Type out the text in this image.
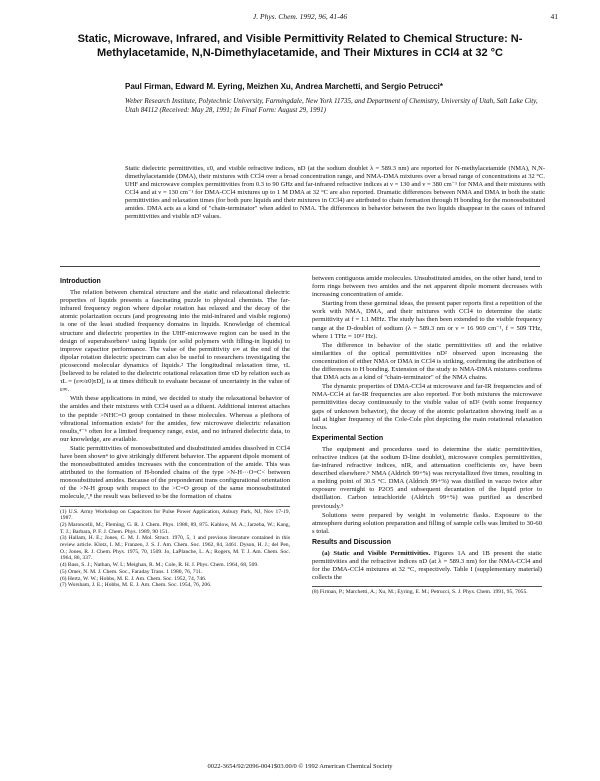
J. Phys. Chem. 1992, 96, 41-46	41
Static, Microwave, Infrared, and Visible Permittivity Related to Chemical Structure: N-Methylacetamide, N,N-Dimethylacetamide, and Their Mixtures in CCl4 at 32 °C
Paul Firman, Edward M. Eyring, Meizhen Xu, Andrea Marchetti, and Sergio Petrucci*
Weber Research Institute, Polytechnic University, Farmingdale, New York 11735, and Department of Chemistry, University of Utah, Salt Lake City, Utah 84112 (Received: May 28, 1991; In Final Form: August 29, 1991)
Static dielectric permittivities, ε0, and visible refractive indices, nD (at the sodium doublet λ = 589.3 nm) are reported for N-methylacetamide (NMA), N,N-dimethylacetamide (DMA), their mixtures with CCl4 over a broad concentration range, and NMA-DMA mixtures over a broad range of concentrations at 32 °C. UHF and microwave complex permittivities from 0.3 to 90 GHz and far-infrared refractive indices at ν = 130 and ν = 380 cm⁻¹ for NMA and their mixtures with CCl4 and at ν = 130 cm⁻¹ for DMA-CCl4 mixtures up to 1 M DMA at 32 °C are also reported. Dramatic differences between NMA and DMA in both the static permittivities and relaxation times (for both pure liquids and their mixtures in CCl4) are attributed to chain formation through H bonding for the monosubstituted amides. DMA acts as a kind of "chain-terminator" when added to NMA. The differences in behavior between the two liquids disappear in the cases of infrared permittivities and visible nD² values.
Introduction

The relation between chemical structure and the static and relaxational dielectric properties of liquids presents a fascinating puzzle to physical chemists. The far-infrared frequency region where dipolar rotation has relaxed and the decay of the atomic polarization occurs (and progressing into the mid-infrared and visible regions) is one of the least studied frequency domains in liquids. Knowledge of chemical structure and dielectric properties in the UHF-microwave region can be used in the design of superabsorbers¹ using liquids (or solid polymers with filling-in liquids) to improve capacitor performance. The value of the permittivity ε∞ at the end of the dipolar rotation dielectric spectrum can also be useful to researchers investigating the picosecond molecular dynamics of liquids.² The longitudinal relaxation time, τL [believed to be related to the dielectric rotational relaxation time τD by relation such as τL = (ε∞/ε0)τD], is at times difficult to evaluate because of uncertainty in the value of ε∞.

With these applications in mind, we decided to study the relaxational behavior of the amides and their mixtures with CCl4 used as a diluent. Additional interest attaches to the peptide >NHC=O group contained in these molecules. Whereas a plethora of vibrational information exists³ for the amides, few microwave dielectric relaxation results,⁴⁻⁶ often for a limited frequency range, exist, and no infrared dielectric data, to our knowledge, are available.

Static permittivities of monosubstituted and disubstituted amides dissolved in CCl4 have been shown⁴ to give strikingly different behavior. The apparent dipole moment of the monosubstituted amides increases with the concentration of the amide. This was attributed to the formation of H-bonded chains of the type >N-H···O=C< between monosubstituted amides. Because of the preponderant trans configurational orientation of the >N-H group with respect to the >C=O group of the same monosubstituted molecule,⁷,⁸ the result was believed to be the formation of chains

(1) U.S. Army Workshop on Capacitors for Pulse Power Application, Asbury Park, NJ, Nov 17-19, 1987.
(2) Maroncelli, M.; Fleming, G. R. J. Chem. Phys. 1988, 89, 875. Kahlow, M. A.; Jarzeba, W.; Kang, T. J.; Barbara, P. F. J. Chem. Phys. 1989, 90 151.
(3) Hallam, H. E.; Jones, C. M. J. Mol. Struct. 1970, 5, 1 and previous literature contained in this review article. Klotz, I. M.; Franzen, J. S. J. Am. Chem. Soc. 1962, 84, 3461. Dyson, H. J.; del Pen, O.; Jones, R. J. Chem. Phys. 1975, 70, 1509. Jo, LaPlanche, L. A.; Rogers, M. T. J. Am. Chem. Soc. 1964, 86, 337.
(4) Bass, S. J.; Nathan, W. I.; Meighan, R. M.; Cole, R. H. J. Phys. Chem. 1964, 68, 509.
(5) Omer, N. M. J. Chem. Soc., Faraday Trans. 1 1980, 76, 711.
(6) Hertz, W. W.; Hobbs, M. E. J. Am. Chem. Soc. 1952, 74, 746.
(7) Worsham, J. E.; Hobbs, M. E. J. Am. Chem. Soc. 1954, 76, 206.

between contiguous amide molecules. Unsubstituted amides, on the other hand, tend to form rings between two amides and the net apparent dipole moment decreases with increasing concentration of amide.

Starting from these germinal ideas, the present paper reports first a repetition of the work with NMA, DMA, and their mixtures with CCl4 to determine the static permittivity at f = 1.1 MHz. The study has then been extended to the visible frequency range at the D-doublet of sodium (λ = 589.3 nm or ν = 16 969 cm⁻¹, f = 509 THz, where 1 THz = 10¹² Hz).

The difference in behavior of the static permittivities ε0 and the relative similarities of the optical permittivities nD² observed upon increasing the concentration of either NMA or DMA in CCl4 is striking, confirming the attribution of the differences to H bonding. Extension of the study to NMA-DMA mixtures confirms that DMA acts as a kind of "chain-terminator" of the NMA chains.

The dynamic properties of DMA-CCl4 at microwave and far-IR frequencies and of NMA-CCl4 at far-IR frequencies are also reported. For both mixtures the microwave permittivities decay continuously to the visible value of nD² (with some frequency gaps of unknown behavior), the decay of the atomic polarization showing itself as a tail at higher frequency of the Cole-Cole plot depicting the main rotational relaxation locus.

Experimental Section

The equipment and procedures used to determine the static permittivities, refractive indices (at the sodium D-line doublet), microwave complex permittivities, far-infrared refractive indices, nIR, and attenuation coefficients αν, have been described elsewhere.⁹ NMA (Aldrich 99+%) was recrystallized five times, resulting in a melting point of 30.5 °C. DMA (Aldrich 99+%) was distilled in vacuo twice after exposure overnight to P2O5 and subsequent decantation of the liquid prior to distillation. Carbon tetrachloride (Aldrich 99+%) was purified as described previously.⁹

Solutions were prepared by weight in volumetric flasks. Exposure to the atmosphere during solution preparation and filling of sample cells was limited to 30-60 s total.

Results and Discussion

(a) Static and Visible Permittivities. Figures 1A and 1B present the static permittivities and the refractive indices nD (at λ = 589.3 nm) for the NMA-CCl4 and for the DMA-CCl4 mixtures at 32 °C, respectively. Table I (supplementary material) collects the

(8) Firman, P.; Marchetti, A.; Xu, M.; Eyring, E. M.; Petrucci, S. J. Phys. Chem. 1991, 95, 7055.
0022-3654/92/2096-0041$03.00/0 © 1992 American Chemical Society
